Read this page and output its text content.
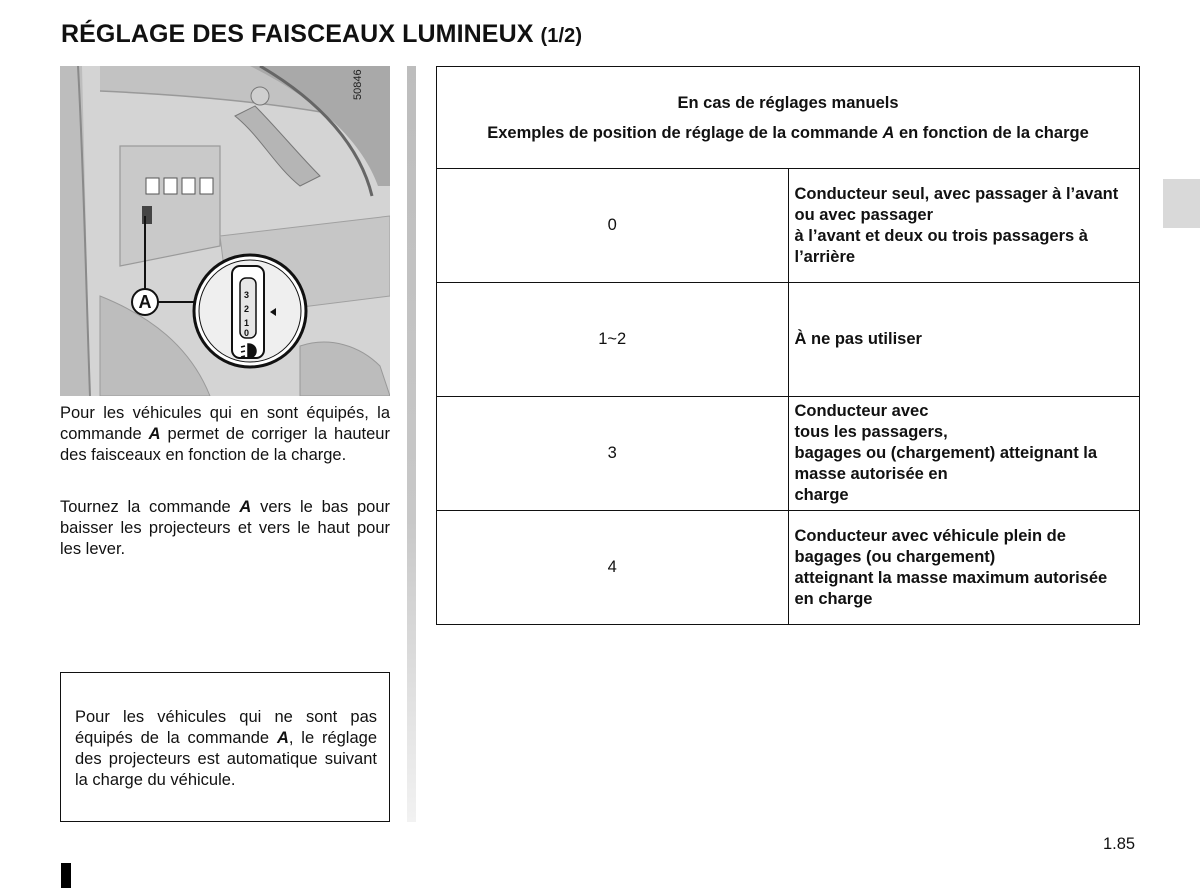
RÉGLAGE DES FAISCEAUX LUMINEUX (1/2)
3
2
1
0
50846
A

Pour les véhicules qui en sont équipés, la commande A permet de corriger la hauteur des faisceaux en fonction de la charge.

Tournez la commande A vers le bas pour baisser les projecteurs et vers le haut pour les lever.

Pour les véhicules qui ne sont pas équipés de la commande A, le réglage des projecteurs est automatique suivant la charge du véhicule.

En cas de réglages manuels
Exemples de position de réglage de la commande A en fonction de la charge	

0	Conducteur seul, avec passager à l’avant ou avec passager
à l’avant et deux ou trois passagers à l’arrière

1~2	À ne pas utiliser

3	Conducteur avec
tous les passagers,
bagages ou (chargement) atteignant la masse autorisée en
charge

4	Conducteur avec véhicule plein de bagages (ou chargement)
atteignant la masse maximum autorisée en charge
1.85
